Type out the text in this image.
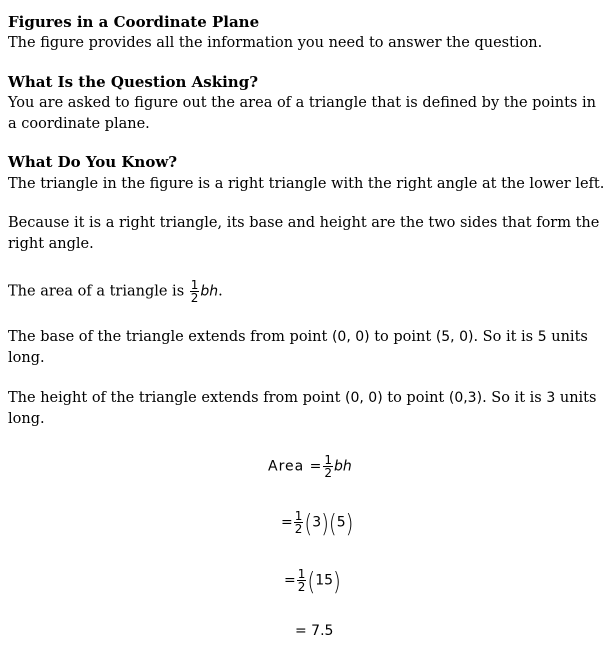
Figures in a Coordinate Plane
The figure provides all the information you need to answer the question.
What Is the Question Asking?
You are asked to figure out the area of a triangle that is defined by the points in a coordinate plane.
What Do You Know?
The triangle in the figure is a right triangle with the right angle at the lower left.
Because it is a right triangle, its base and height are the two sides that form the right angle.
The area of a triangle is $\frac{1}{2}$ bh.
The base of the triangle extends from point (0, 0) to point (5, 0). So it is 5 units long.
The height of the triangle extends from point (0, 0) to point (0,3). So it is 3 units long.
Area = $\frac{1}{2}$ bh
= $\frac{1}{2} (3)(5)$
= $\frac{1}{2} (15)$
= 7.5
